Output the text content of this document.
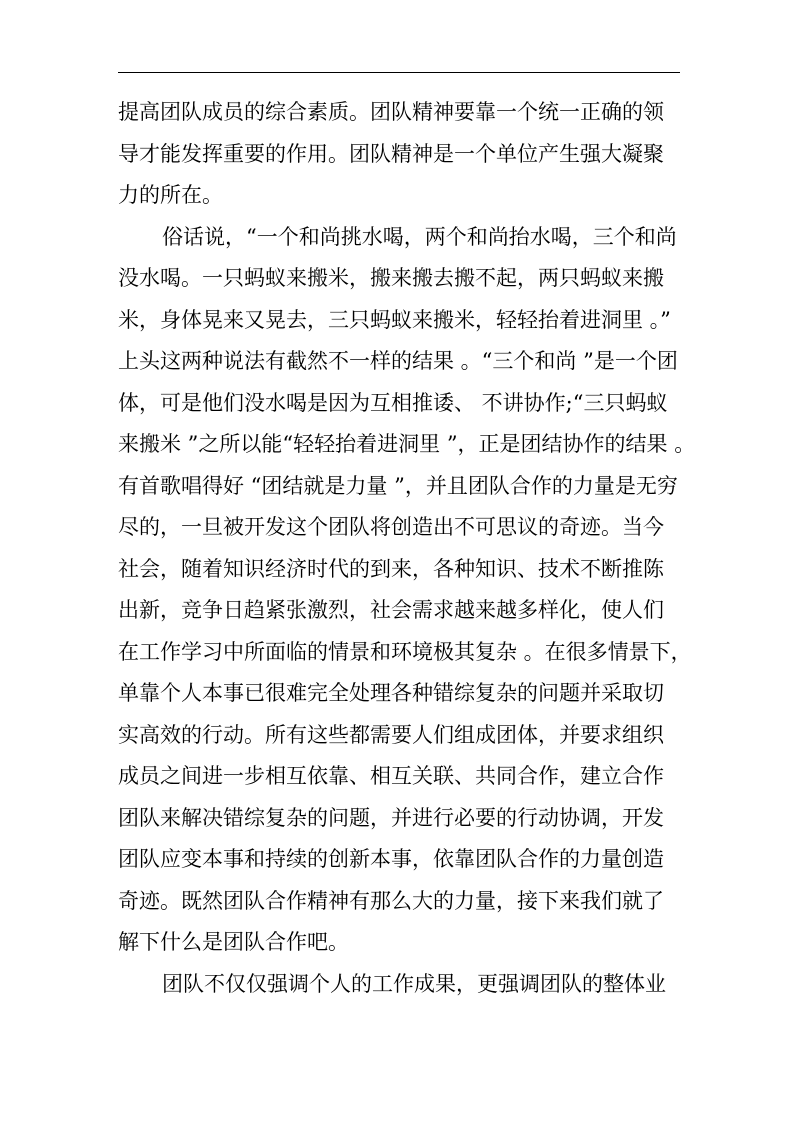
提高团队成员的综合素质。团队精神要靠一个统一正确的领
导才能发挥重要的作用。团队精神是一个单位产生强大凝聚
力的所在。
俗话说，“一个和尚挑水喝，两个和尚抬水喝，三个和尚
没水喝。一只蚂蚁来搬米，搬来搬去搬不起，两只蚂蚁来搬
米，身体晃来又晃去，三只蚂蚁来搬米，轻轻抬着进洞里 。”
上头这两种说法有截然不一样的结果 。“三个和尚 ”是一个团
体，可是他们没水喝是因为互相推诿、 不讲协作;“三只蚂蚁
来搬米 ”之所以能“轻轻抬着进洞里 ”，正是团结协作的结果 。
有首歌唱得好 “团结就是力量 ”，并且团队合作的力量是无穷
尽的，一旦被开发这个团队将创造出不可思议的奇迹。当今
社会，随着知识经济时代的到来，各种知识、技术不断推陈
出新，竞争日趋紧张激烈，社会需求越来越多样化，使人们
在工作学习中所面临的情景和环境极其复杂 。在很多情景下，
单靠个人本事已很难完全处理各种错综复杂的问题并采取切
实高效的行动。所有这些都需要人们组成团体，并要求组织
成员之间进一步相互依靠、相互关联、共同合作，建立合作
团队来解决错综复杂的问题，并进行必要的行动协调，开发
团队应变本事和持续的创新本事，依靠团队合作的力量创造
奇迹。既然团队合作精神有那么大的力量，接下来我们就了
解下什么是团队合作吧。
团队不仅仅强调个人的工作成果，更强调团队的整体业
